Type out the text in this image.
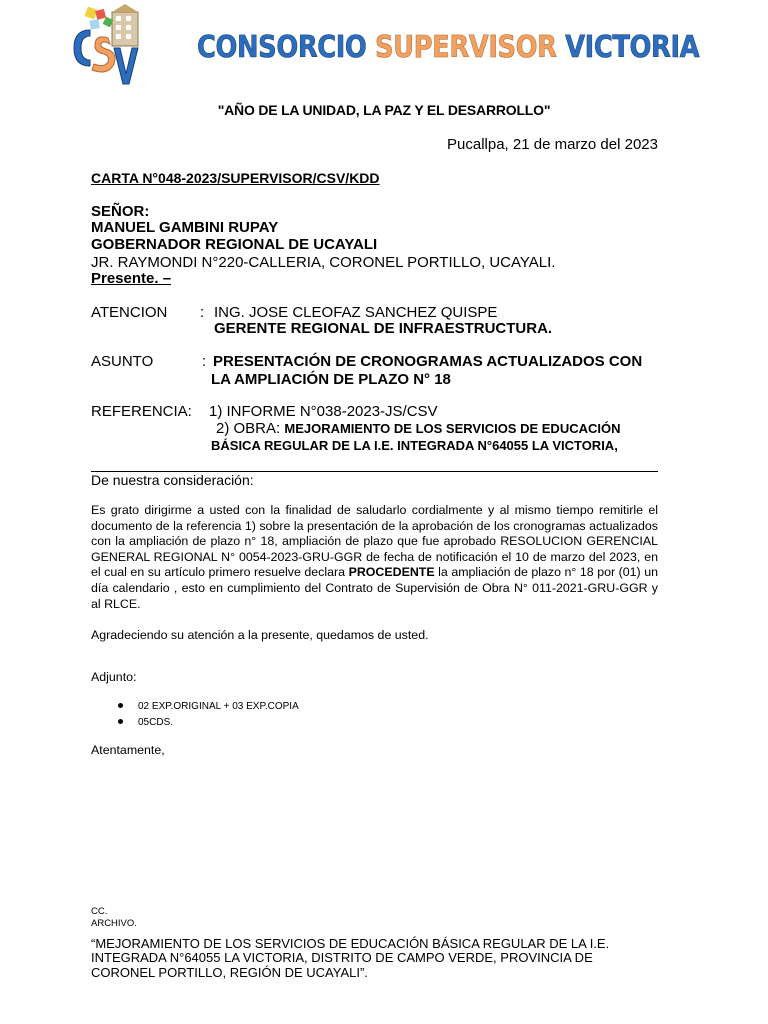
CONSORCIO SUPERVISOR VICTORIA
"AÑO DE LA UNIDAD, LA PAZ Y EL DESARROLLO"
Pucallpa, 21 de marzo del 2023
CARTA N°048-2023/SUPERVISOR/CSV/KDD
SEÑOR:
MANUEL GAMBINI RUPAY
GOBERNADOR REGIONAL DE UCAYALI
JR. RAYMONDI N°220-CALLERIA, CORONEL PORTILLO, UCAYALI.
Presente. –
ATENCION : ING. JOSE CLEOFAZ SANCHEZ QUISPE
GERENTE REGIONAL DE INFRAESTRUCTURA.
ASUNTO	: PRESENTACIÓN DE CRONOGRAMAS ACTUALIZADOS CON
LA AMPLIACIÓN DE PLAZO N° 18
REFERENCIA: 1) INFORME N°038-2023-JS/CSV
2) OBRA: MEJORAMIENTO DE LOS SERVICIOS DE EDUCACIÓN
BÁSICA REGULAR DE LA I.E. INTEGRADA N°64055 LA VICTORIA,
De nuestra consideración:
Es grato dirigirme a usted con la finalidad de saludarlo cordialmente y al mismo tiempo remitirle el documento de la referencia 1) sobre la presentación de la aprobación de los cronogramas actualizados con la ampliación de plazo n° 18, ampliación de plazo que fue aprobado RESOLUCION GERENCIAL GENERAL REGIONAL N° 0054-2023-GRU-GGR de fecha de notificación el 10 de marzo del 2023, en el cual en su artículo primero resuelve declara PROCEDENTE la ampliación de plazo n° 18 por (01) un día calendario , esto en cumplimiento del Contrato de Supervisión de Obra N° 011-2021-GRU-GGR y al RLCE.
Agradeciendo su atención a la presente, quedamos de usted.
Adjunto:
02 EXP.ORIGINAL + 03 EXP.COPIA
05CDS.
Atentamente,
CC.
ARCHIVO.
“MEJORAMIENTO DE LOS SERVICIOS DE EDUCACIÓN BÁSICA REGULAR DE LA I.E. INTEGRADA N°64055 LA VICTORIA, DISTRITO DE CAMPO VERDE, PROVINCIA DE CORONEL PORTILLO, REGIÓN DE UCAYALI”.
